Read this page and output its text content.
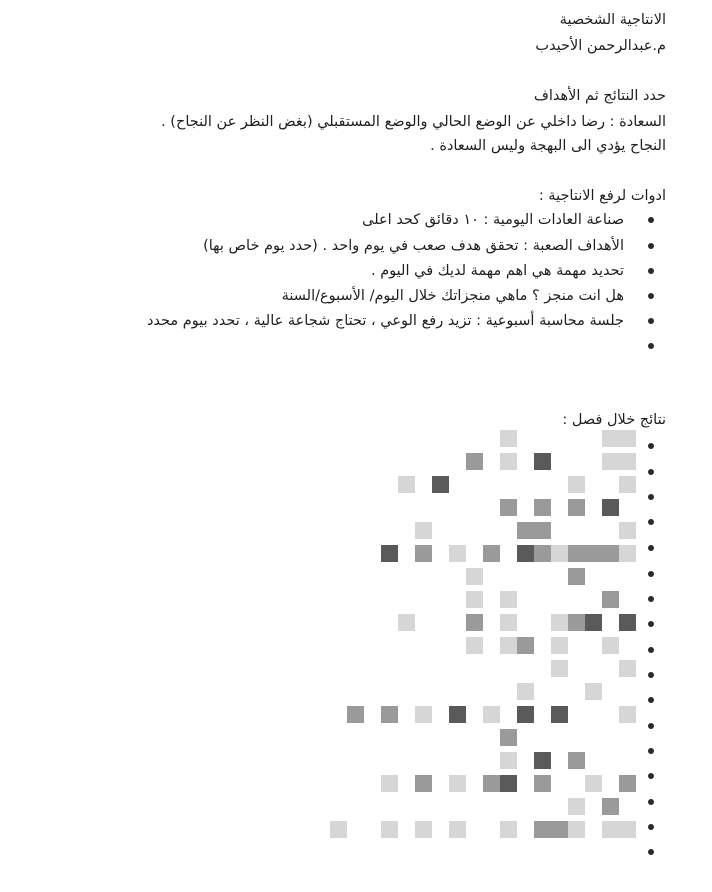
الانتاجية الشخصية

م.عبدالرحمن الأحيدب

حدد النتائج ثم الأهداف

السعادة : رضا داخلي عن الوضع الحالي والوضع المستقبلي (بغض النظر عن النجاح) .

النجاح يؤدي الى البهجة وليس السعادة .

ادوات لرفع الانتاجية :

صناعة العادات اليومية : ١٠ دقائق كحد اعلى
الأهداف الصعبة : تحقق هدف صعب في يوم واحد . (حدد يوم خاص بها)
تحديد مهمة هي اهم مهمة لديك في اليوم .
هل انت منجز ؟ ماهي منجزاتك خلال اليوم/ الأسبوع/السنة
جلسة محاسبة أسبوعية : تزيد رفع الوعي ، تحتاج شجاعة عالية ، تحدد بيوم محدد

نتائج خلال فصل :
